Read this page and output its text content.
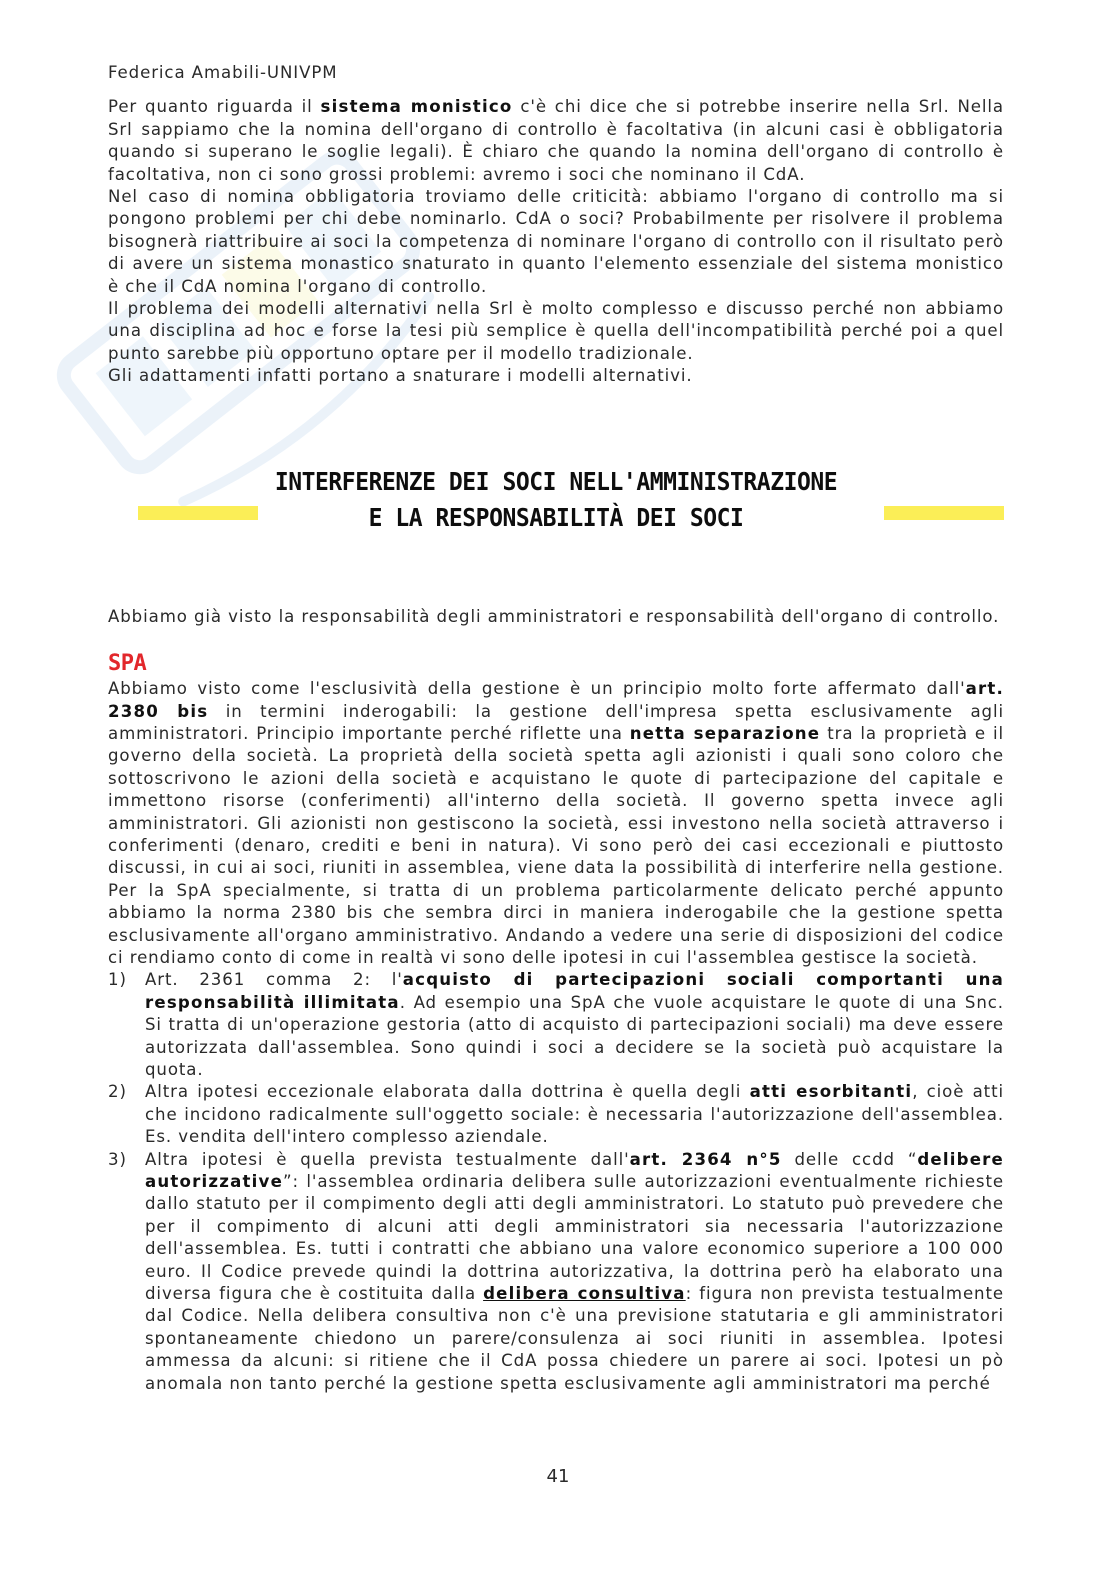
Federica Amabili-UNIVPM

Per quanto riguarda il sistema monistico c'è chi dice che si potrebbe inserire nella Srl. Nella Srl sappiamo che la nomina dell'organo di controllo è facoltativa (in alcuni casi è obbligatoria quando si superano le soglie legali). È chiaro che quando la nomina dell'organo di controllo è facoltativa, non ci sono grossi problemi: avremo i soci che nominano il CdA.

Nel caso di nomina obbligatoria troviamo delle criticità: abbiamo l'organo di controllo ma si pongono problemi per chi debe nominarlo. CdA o soci? Probabilmente per risolvere il problema bisognerà riattribuire ai soci la competenza di nominare l'organo di controllo con il risultato però di avere un sistema monastico snaturato in quanto l'elemento essenziale del sistema monistico è che il CdA nomina l'organo di controllo.

Il problema dei modelli alternativi nella Srl è molto complesso e discusso perché non abbiamo una disciplina ad hoc e forse la tesi più semplice è quella dell'incompatibilità perché poi a quel punto sarebbe più opportuno optare per il modello tradizionale.

Gli adattamenti infatti portano a snaturare i modelli alternativi.

INTERFERENZE DEI SOCI NELL'AMMINISTRAZIONE
E LA RESPONSABILITÀ DEI SOCI

Abbiamo già visto la responsabilità degli amministratori e responsabilità dell'organo di controllo.

SPA

Abbiamo visto come l'esclusività della gestione è un principio molto forte affermato dall'art. 2380 bis in termini inderogabili: la gestione dell'impresa spetta esclusivamente agli amministratori. Principio importante perché riflette una netta separazione tra la proprietà e il governo della società. La proprietà della società spetta agli azionisti i quali sono coloro che sottoscrivono le azioni della società e acquistano le quote di partecipazione del capitale e immettono risorse (conferimenti) all'interno della società. Il governo spetta invece agli amministratori. Gli azionisti non gestiscono la società, essi investono nella società attraverso i conferimenti (denaro, crediti e beni in natura). Vi sono però dei casi eccezionali e piuttosto discussi, in cui ai soci, riuniti in assemblea, viene data la possibilità di interferire nella gestione. Per la SpA specialmente, si tratta di un problema particolarmente delicato perché appunto abbiamo la norma 2380 bis che sembra dirci in maniera inderogabile che la gestione spetta esclusivamente all'organo amministrativo. Andando a vedere una serie di disposizioni del codice ci rendiamo conto di come in realtà vi sono delle ipotesi in cui l'assemblea gestisce la società.

1) Art. 2361 comma 2: l'acquisto di partecipazioni sociali comportanti una responsabilità illimitata. Ad esempio una SpA che vuole acquistare le quote di una Snc. Si tratta di un'operazione gestoria (atto di acquisto di partecipazioni sociali) ma deve essere autorizzata dall'assemblea. Sono quindi i soci a decidere se la società può acquistare la quota.
2) Altra ipotesi eccezionale elaborata dalla dottrina è quella degli atti esorbitanti, cioè atti che incidono radicalmente sull'oggetto sociale: è necessaria l'autorizzazione dell'assemblea. Es. vendita dell'intero complesso aziendale.
3) Altra ipotesi è quella prevista testualmente dall'art. 2364 n°5 delle ccdd “delibere autorizzative”: l'assemblea ordinaria delibera sulle autorizzazioni eventualmente richieste dallo statuto per il compimento degli atti degli amministratori. Lo statuto può prevedere che per il compimento di alcuni atti degli amministratori sia necessaria l'autorizzazione dell'assemblea. Es. tutti i contratti che abbiano una valore economico superiore a 100 000 euro. Il Codice prevede quindi la dottrina autorizzativa, la dottrina però ha elaborato una diversa figura che è costituita dalla delibera consultiva: figura non prevista testualmente dal Codice. Nella delibera consultiva non c'è una previsione statutaria e gli amministratori spontaneamente chiedono un parere/consulenza ai soci riuniti in assemblea. Ipotesi ammessa da alcuni: si ritiene che il CdA possa chiedere un parere ai soci. Ipotesi un pò anomala non tanto perché la gestione spetta esclusivamente agli amministratori ma perché
41
